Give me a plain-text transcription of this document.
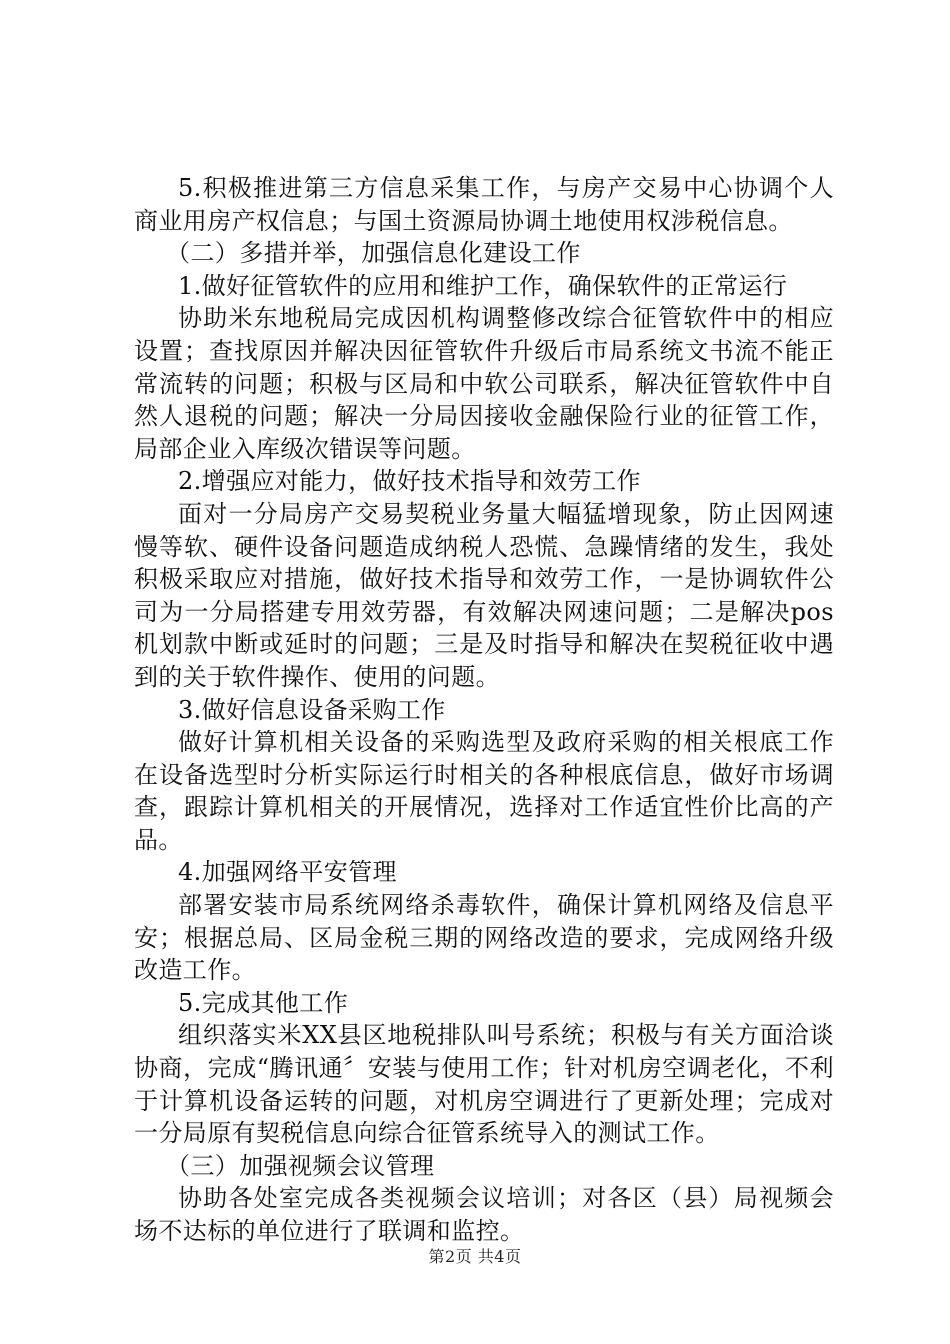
5.积极推进第三方信息采集工作，与房产交易中心协调个人商业用房产权信息；与国土资源局协调土地使用权涉税信息。

（二）多措并举，加强信息化建设工作

1.做好征管软件的应用和维护工作，确保软件的正常运行

协助米东地税局完成因机构调整修改综合征管软件中的相应设置；查找原因并解决因征管软件升级后市局系统文书流不能正常流转的问题；积极与区局和中软公司联系，解决征管软件中自然人退税的问题；解决一分局因接收金融保险行业的征管工作，局部企业入库级次错误等问题。

2.增强应对能力，做好技术指导和效劳工作

面对一分局房产交易契税业务量大幅猛增现象，防止因网速慢等软、硬件设备问题造成纳税人恐慌、急躁情绪的发生，我处积极采取应对措施，做好技术指导和效劳工作，一是协调软件公司为一分局搭建专用效劳器，有效解决网速问题；二是解决pos机划款中断或延时的问题；三是及时指导和解决在契税征收中遇到的关于软件操作、使用的问题。

3.做好信息设备采购工作

做好计算机相关设备的采购选型及政府采购的相关根底工作在设备选型时分析实际运行时相关的各种根底信息，做好市场调查，跟踪计算机相关的开展情况，选择对工作适宜性价比高的产品。

4.加强网络平安管理

部署安装市局系统网络杀毒软件，确保计算机网络及信息平安；根据总局、区局金税三期的网络改造的要求，完成网络升级改造工作。

5.完成其他工作

组织落实米XX县区地税排队叫号系统；积极与有关方面洽谈协商，完成“腾讯通〞安装与使用工作；针对机房空调老化，不利于计算机设备运转的问题，对机房空调进行了更新处理；完成对一分局原有契税信息向综合征管系统导入的测试工作。

（三）加强视频会议管理

协助各处室完成各类视频会议培训；对各区（县）局视频会场不达标的单位进行了联调和监控。

第2页 共4页
